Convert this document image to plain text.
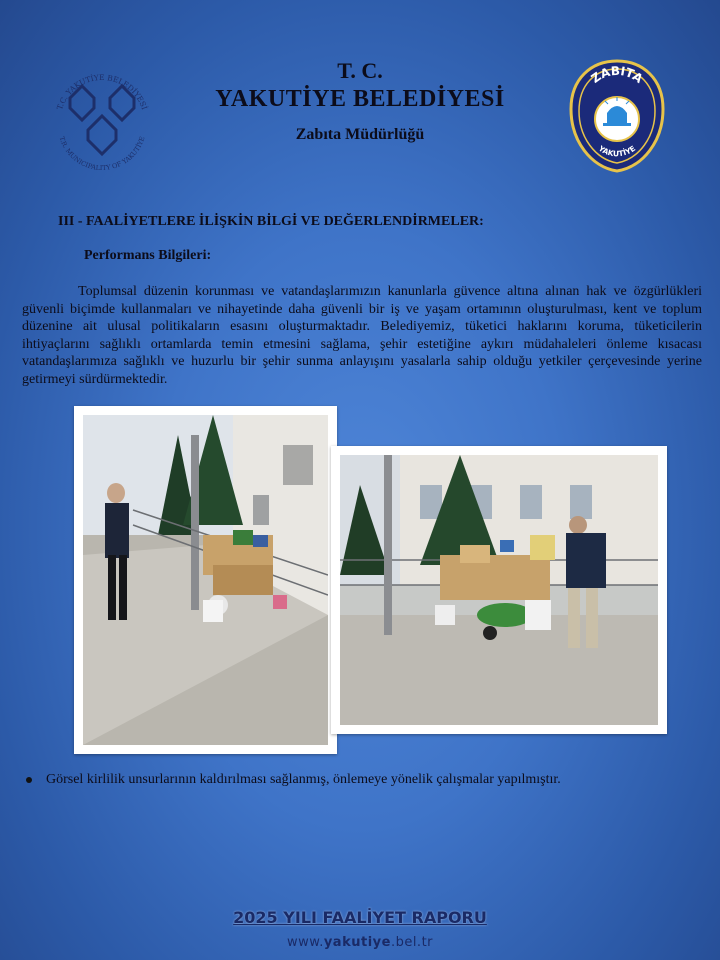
T.C. YAKUTİYE BELEDİYESİ
T.R. MUNICIPALITY OF YAKUTİYE
T. C.
YAKUTİYE BELEDİYESİ
Zabıta Müdürlüğü
ZABITA
YAKUTİYE
III - FAALİYETLERE İLİŞKİN BİLGİ VE DEĞERLENDİRMELER:
Performans Bilgileri:
Toplumsal düzenin korunması ve vatandaşlarımızın kanunlarla güvence altına alınan hak ve özgürlükleri güvenli biçimde kullanmaları ve nihayetinde daha güvenli bir iş ve yaşam ortamının oluşturulması, kent ve toplum düzenine ait ulusal politikaların esasını oluşturmaktadır. Belediyemiz, tüketici haklarını koruma, tüketicilerin ihtiyaçlarını sağlıklı ortamlarda temin etmesini sağlama, şehir estetiğine aykırı müdahaleleri önleme kısacası vatandaşlarımıza sağlıklı ve huzurlu bir şehir sunma anlayışını yasalarla sahip olduğu yetkiler çerçevesinde yerine getirmeyi sürdürmektedir.
Görsel kirlilik unsurlarının kaldırılması sağlanmış, önlemeye yönelik çalışmalar yapılmıştır.
2025 YILI FAALİYET RAPORU
www.yakutiye.bel.tr
